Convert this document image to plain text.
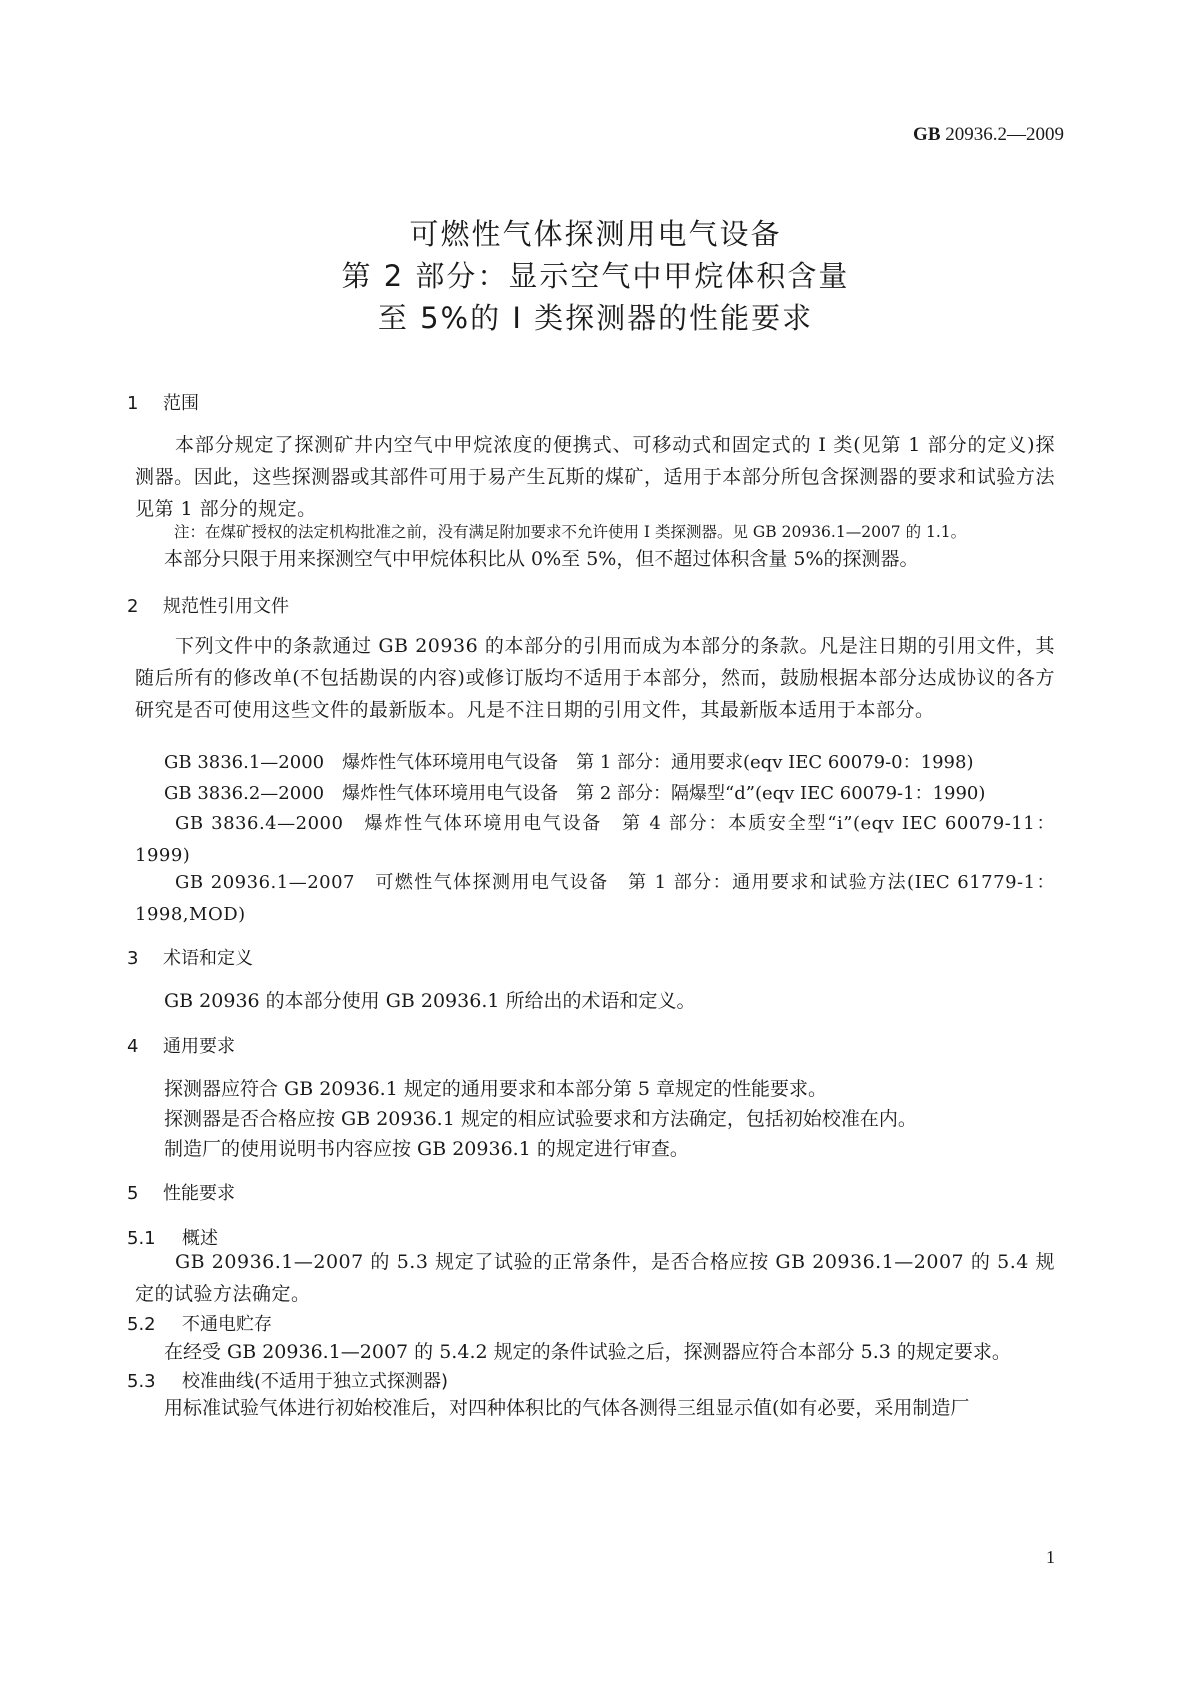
GB 20936.2—2009
可燃性气体探测用电气设备
第 2 部分：显示空气中甲烷体积含量
至 5%的 I 类探测器的性能要求
1 范围
本部分规定了探测矿井内空气中甲烷浓度的便携式、可移动式和固定式的 I 类(见第 1 部分的定义)探测器。因此，这些探测器或其部件可用于易产生瓦斯的煤矿，适用于本部分所包含探测器的要求和试验方法见第 1 部分的规定。
注：在煤矿授权的法定机构批准之前，没有满足附加要求不允许使用 I 类探测器。见 GB 20936.1—2007 的 1.1。
本部分只限于用来探测空气中甲烷体积比从 0%至 5%，但不超过体积含量 5%的探测器。
2 规范性引用文件
下列文件中的条款通过 GB 20936 的本部分的引用而成为本部分的条款。凡是注日期的引用文件，其随后所有的修改单(不包括勘误的内容)或修订版均不适用于本部分，然而，鼓励根据本部分达成协议的各方研究是否可使用这些文件的最新版本。凡是不注日期的引用文件，其最新版本适用于本部分。
GB 3836.1—2000　爆炸性气体环境用电气设备　第 1 部分：通用要求(eqv IEC 60079-0：1998)
GB 3836.2—2000　爆炸性气体环境用电气设备　第 2 部分：隔爆型“d”(eqv IEC 60079-1：1990)
GB 3836.4—2000　爆炸性气体环境用电气设备　第 4 部分：本质安全型“i”(eqv IEC 60079-11：1999)
GB 20936.1—2007　可燃性气体探测用电气设备　第 1 部分：通用要求和试验方法(IEC 61779-1：1998,MOD)
3 术语和定义
GB 20936 的本部分使用 GB 20936.1 所给出的术语和定义。
4 通用要求
探测器应符合 GB 20936.1 规定的通用要求和本部分第 5 章规定的性能要求。
探测器是否合格应按 GB 20936.1 规定的相应试验要求和方法确定，包括初始校准在内。
制造厂的使用说明书内容应按 GB 20936.1 的规定进行审查。
5 性能要求
5.1 概述
GB 20936.1—2007 的 5.3 规定了试验的正常条件，是否合格应按 GB 20936.1—2007 的 5.4 规定的试验方法确定。
5.2 不通电贮存
在经受 GB 20936.1—2007 的 5.4.2 规定的条件试验之后，探测器应符合本部分 5.3 的规定要求。
5.3 校准曲线(不适用于独立式探测器)
用标准试验气体进行初始校准后，对四种体积比的气体各测得三组显示值(如有必要，采用制造厂
1
